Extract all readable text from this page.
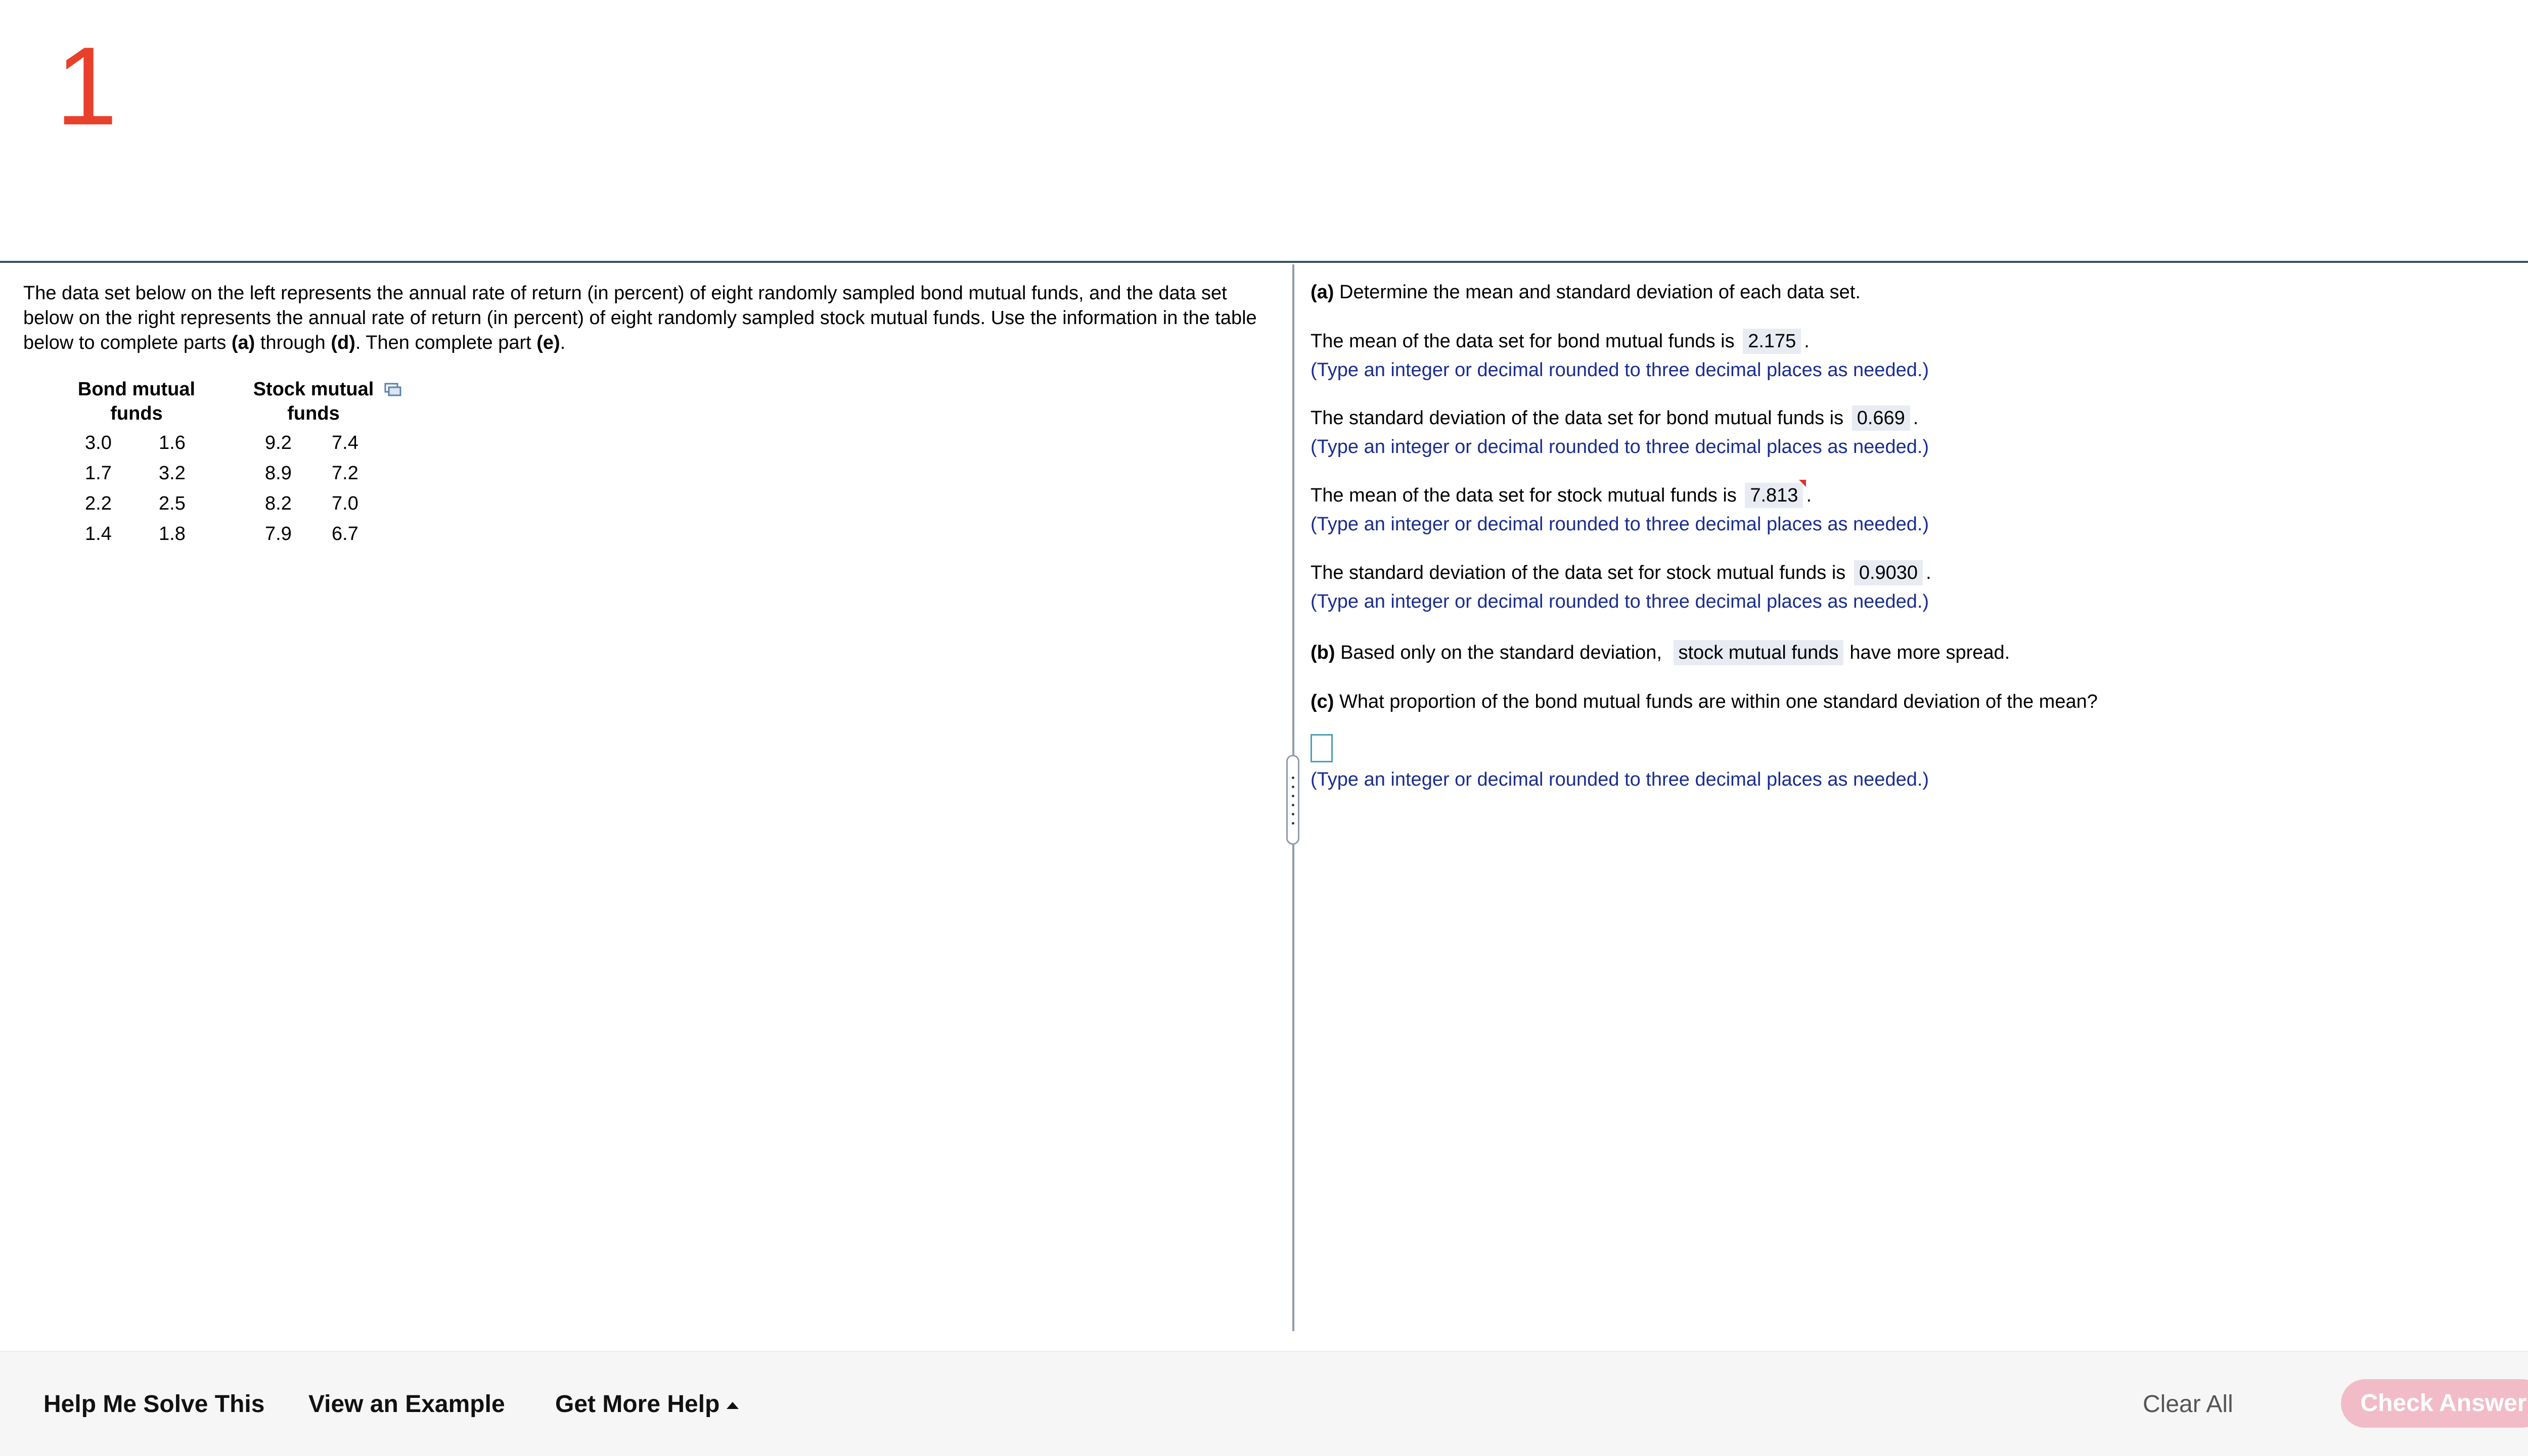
1
The data set below on the left represents the annual rate of return (in percent) of eight randomly sampled bond mutual funds, and the data set below on the right represents the annual rate of return (in percent) of eight randomly sampled stock mutual funds. Use the information in the table below to complete parts (a) through (d). Then complete part (e).
Bond mutual
funds
Stock mutual
funds
3.0 1.6
1.7 3.2
2.2 2.5
1.4 1.8
9.2 7.4
8.9 7.2
8.2 7.0
7.9 6.7
(a) Determine the mean and standard deviation of each data set.
The mean of the data set for bond mutual funds is 2.175 .
(Type an integer or decimal rounded to three decimal places as needed.)
The standard deviation of the data set for bond mutual funds is 0.669 .
(Type an integer or decimal rounded to three decimal places as needed.)
The mean of the data set for stock mutual funds is 7.813 .
(Type an integer or decimal rounded to three decimal places as needed.)
The standard deviation of the data set for stock mutual funds is 0.9030 .
(Type an integer or decimal rounded to three decimal places as needed.)
(b) Based only on the standard deviation, stock mutual funds have more spread.
(c) What proportion of the bond mutual funds are within one standard deviation of the mean?
(Type an integer or decimal rounded to three decimal places as needed.)
Help Me Solve This View an Example Get More Help	Clear All	Check Answer
